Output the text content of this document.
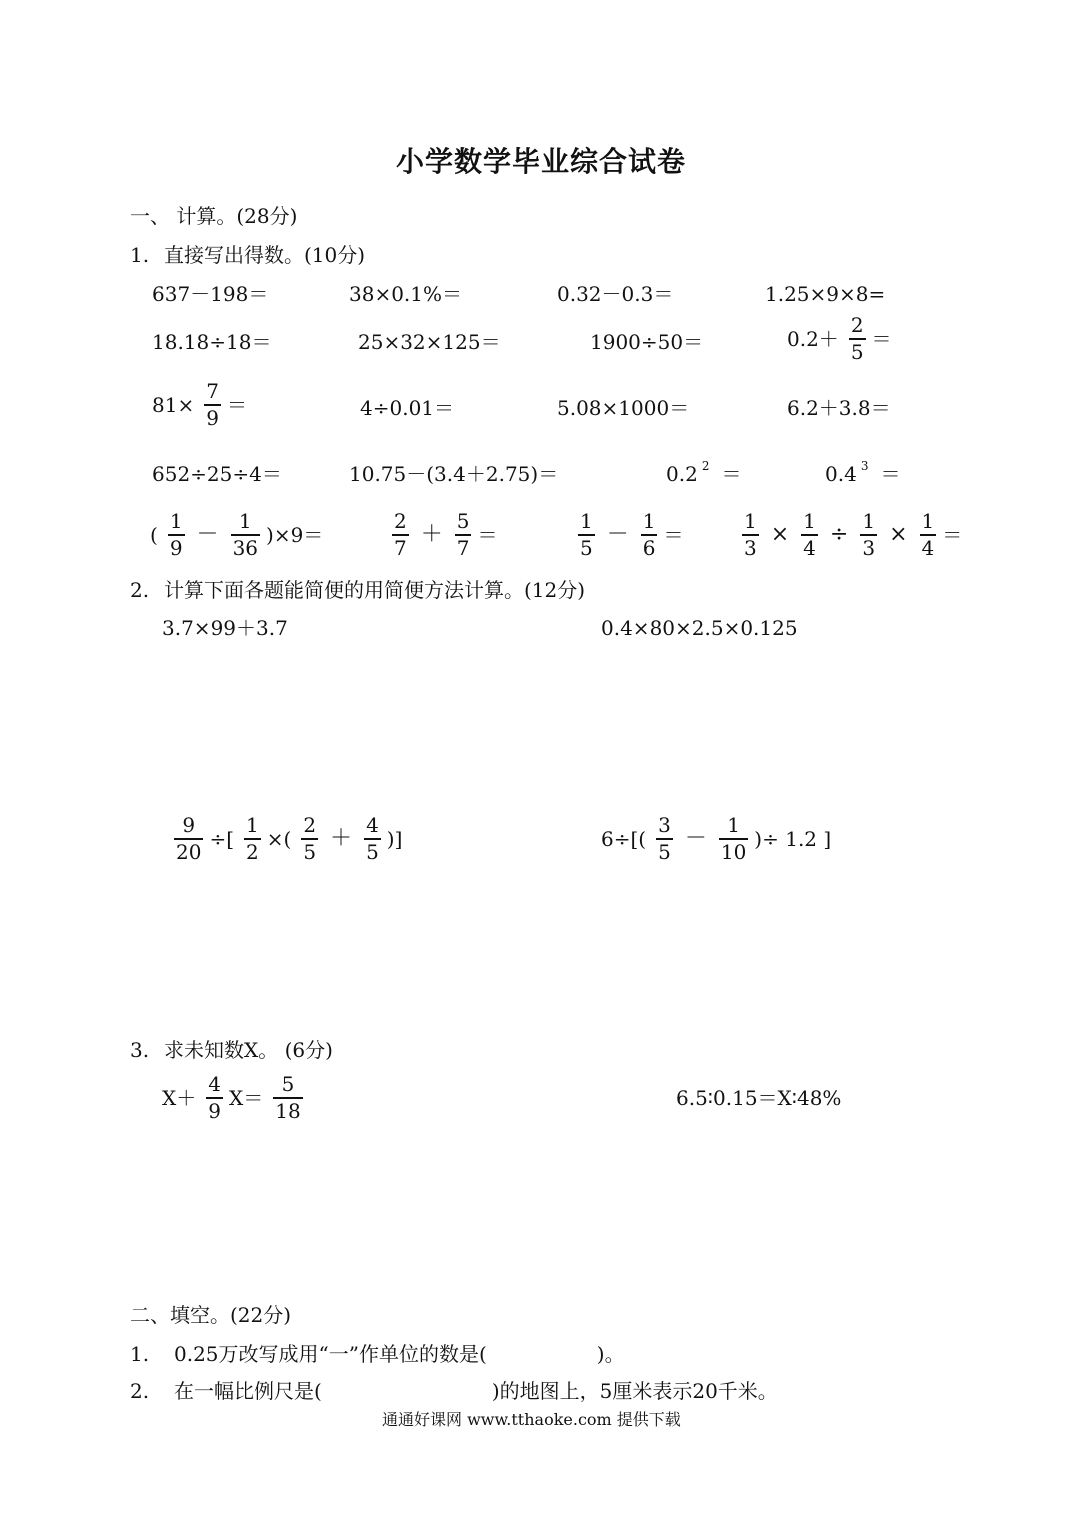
小学数学毕业综合试卷
一、 计算。(28分)
1. 直接写出得数。(10分)
637－198＝	38×0.1%＝	0.32－0.3＝	1.25×9×8=
18.18÷18＝	25×32×125＝	1900÷50＝	$0.2+ \frac{2}{5}$ ＝
$81\times \frac{7}{9}$ ＝	4÷0.01＝	5.08×1000＝	6.2＋3.8＝
652÷25÷4＝	10.75－(3.4＋2.75)＝	0.2 2 ＝	0.4 3 ＝
( $\frac{1}{9} - \frac{1}{36} )\times 9=$	$\frac{2}{7} + \frac{5}{7}$ ＝	$\frac{1}{5} - \frac{1}{6}$ ＝	$\frac{1}{3} \times \frac{1}{4} \div \frac{1}{3} \times \frac{1}{4}$ ＝
2. 计算下面各题能简便的用简便方法计算。(12分)
3.7×99＋3.7	0.4×80×2.5×0.125
$\frac{9}{20}$ ÷[ $\frac{1}{2}$ ×( $\frac{2}{5} + \frac{4}{5}$ )]	$6\div[( \frac{3}{5} - \frac{1}{10}$ )÷ 1.2 ]
3. 求未知数X。 (6分)
$X+ \frac{4}{9} X= \frac{5}{18}$	6.5∶0.15＝X∶48%
二、填空。(22分)
1. 0.25万改写成用“一”作单位的数是(	)。
2. 在一幅比例尺是(	)的地图上，5厘米表示20千米。
通通好课网 www.tthaoke.com 提供下载
